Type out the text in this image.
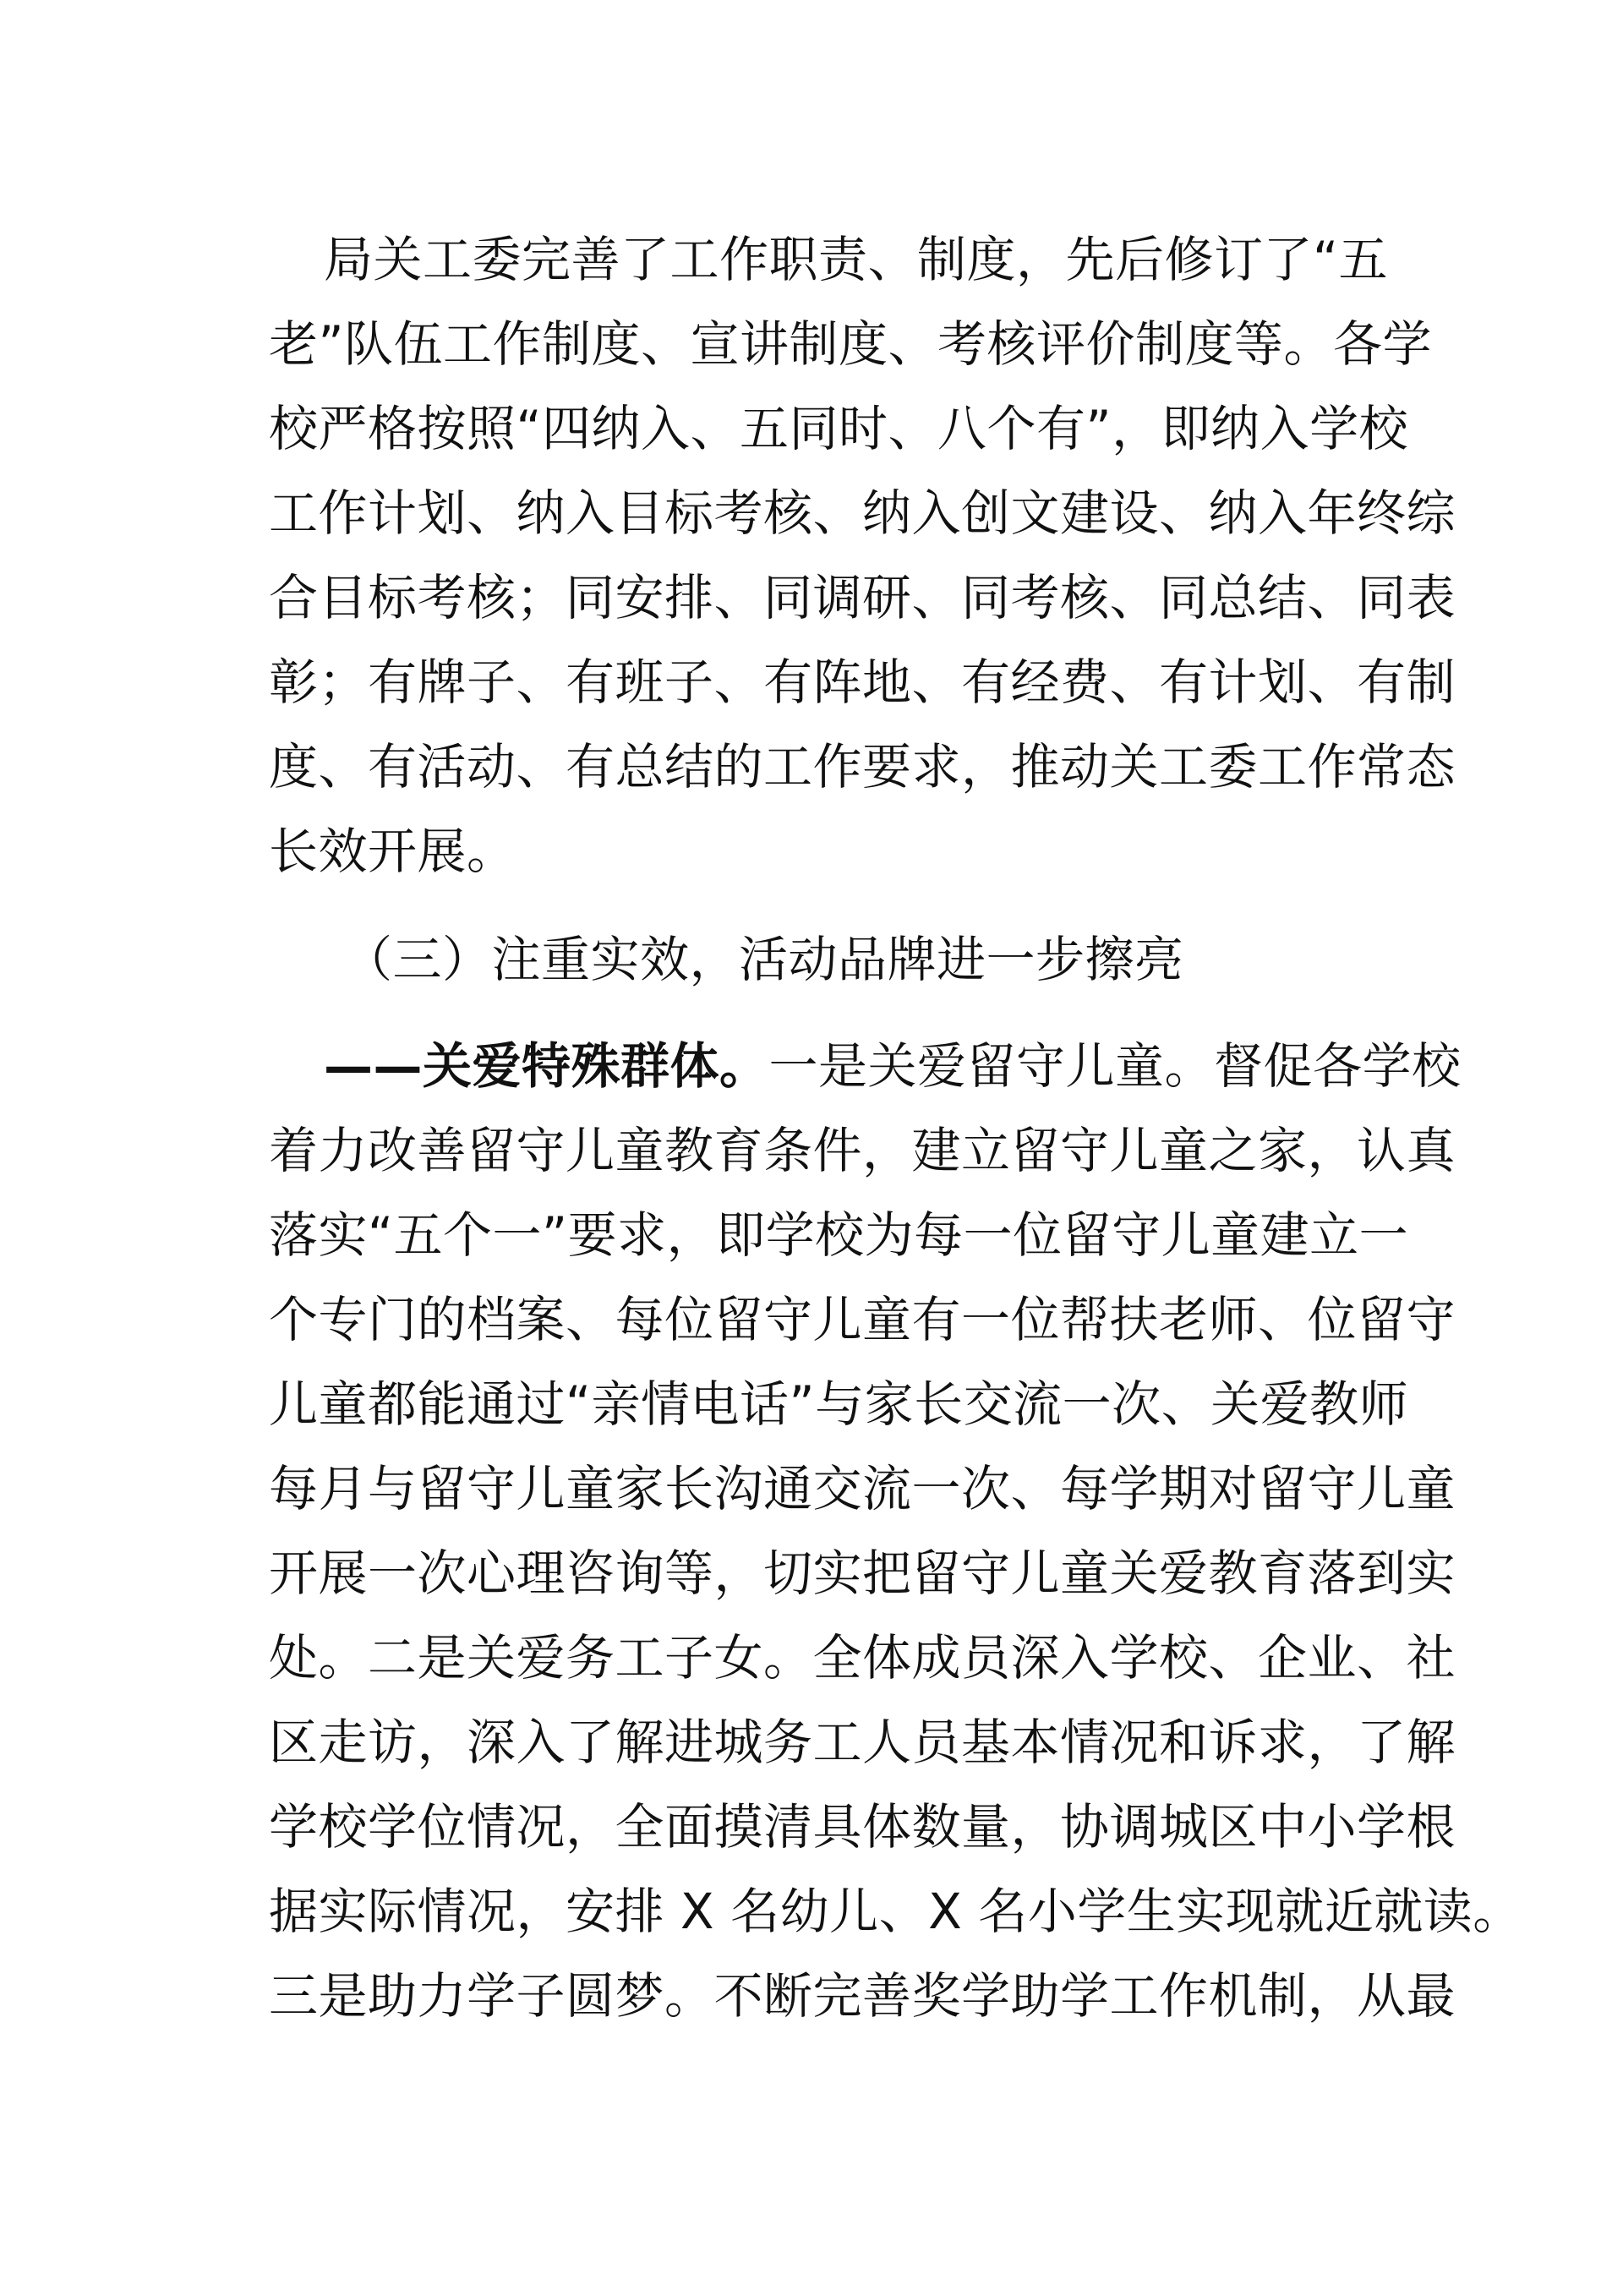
局关工委完善了工作职责、制度，先后修订了“五
老”队伍工作制度、宣讲制度、考核评价制度等。各学
校严格按照“四纳入、五同时、八个有”，即纳入学校
工作计划、纳入目标考核、纳入创文建设、纳入年终综
合目标考核；同安排、同调研、同考核、同总结、同表
彰；有牌子、有班子、有阵地、有经费、有计划、有制
度、有活动、有总结的工作要求，推动关工委工作常态
长效开展。
（三）注重实效，活动品牌进一步擦亮
——关爱特殊群体。一是关爱留守儿童。督促各学校
着力改善留守儿童教育条件，建立留守儿童之家，认真
落实“五个一”要求，即学校为每一位留守儿童建立一
个专门的档案、每位留守儿童有一位帮扶老师、位留守
儿童都能通过“亲情电话”与家长交流一次、关爱教师
每月与留守儿童家长沟通交流一次、每学期对留守儿童
开展一次心理咨询等，切实把留守儿童关爱教育落到实
处。二是关爱务工子女。全体成员深入学校、企业、社
区走访，深入了解进城务工人员基本情况和诉求，了解
学校学位情况，全面摸清具体数量，协调城区中小学根
据实际情况，安排 X 名幼儿、X 名小学生实现就近就读。
三是助力学子圆梦。不断完善奖学助学工作机制，从最
